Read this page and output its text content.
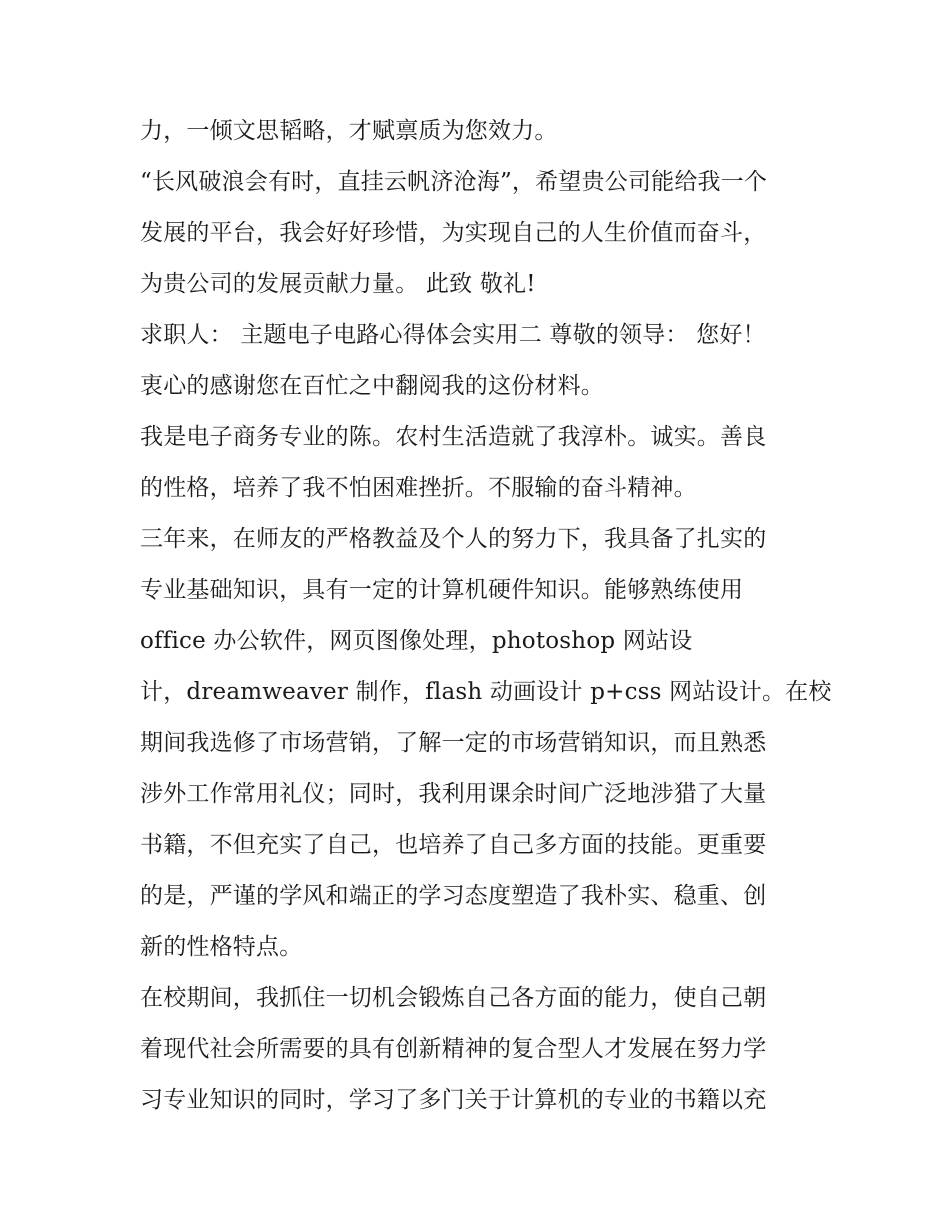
力，一倾文思韬略，才赋禀质为您效力。
“长风破浪会有时，直挂云帆济沧海”，希望贵公司能给我一个
发展的平台，我会好好珍惜，为实现自己的人生价值而奋斗，
为贵公司的发展贡献力量。 此致 敬礼!
求职人： 主题电子电路心得体会实用二 尊敬的领导： 您好！
衷心的感谢您在百忙之中翻阅我的这份材料。
我是电子商务专业的陈。农村生活造就了我淳朴。诚实。善良
的性格，培养了我不怕困难挫折。不服输的奋斗精神。
三年来，在师友的严格教益及个人的努力下，我具备了扎实的
专业基础知识，具有一定的计算机硬件知识。能够熟练使用
office 办公软件，网页图像处理，photoshop 网站设
计，dreamweaver 制作，flash 动画设计 p+css 网站设计。在校
期间我选修了市场营销，了解一定的市场营销知识，而且熟悉
涉外工作常用礼仪；同时，我利用课余时间广泛地涉猎了大量
书籍，不但充实了自己，也培养了自己多方面的技能。更重要
的是，严谨的学风和端正的学习态度塑造了我朴实、稳重、创
新的性格特点。
在校期间，我抓住一切机会锻炼自己各方面的能力，使自己朝
着现代社会所需要的具有创新精神的复合型人才发展在努力学
习专业知识的同时，学习了多门关于计算机的专业的书籍以充
